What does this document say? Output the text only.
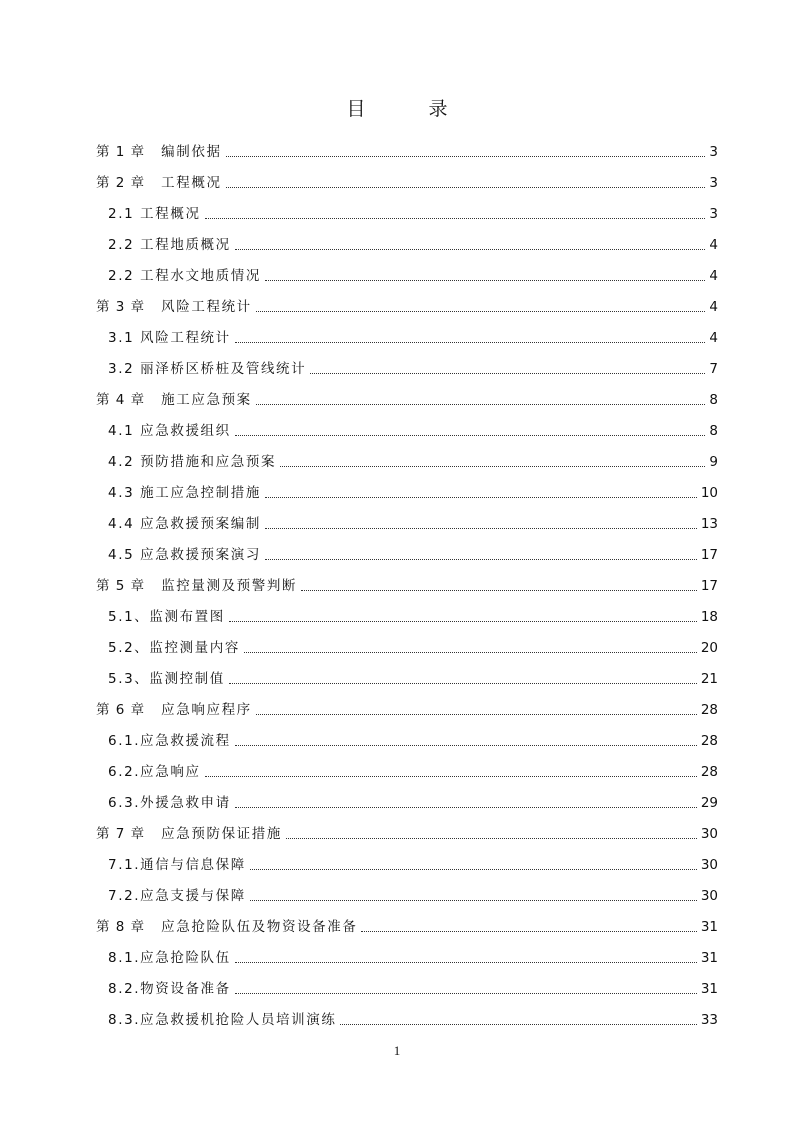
目　录
第 1 章 编制依据	3
第 2 章 工程概况	3
2.1 工程概况	3
2.2 工程地质概况	4
2.2 工程水文地质情况	4
第 3 章 风险工程统计	4
3.1 风险工程统计	4
3.2 丽泽桥区桥桩及管线统计	7
第 4 章 施工应急预案	8
4.1 应急救援组织	8
4.2 预防措施和应急预案	9
4.3 施工应急控制措施	10
4.4 应急救援预案编制	13
4.5 应急救援预案演习	17
第 5 章 监控量测及预警判断	17
5.1、监测布置图	18
5.2、监控测量内容	20
5.3、监测控制值	21
第 6 章 应急响应程序	28
6.1.应急救援流程	28
6.2.应急响应	28
6.3.外援急救申请	29
第 7 章 应急预防保证措施	30
7.1.通信与信息保障	30
7.2.应急支援与保障	30
第 8 章 应急抢险队伍及物资设备准备	31
8.1.应急抢险队伍	31
8.2.物资设备准备	31
8.3.应急救援机抢险人员培训演练	33
1
